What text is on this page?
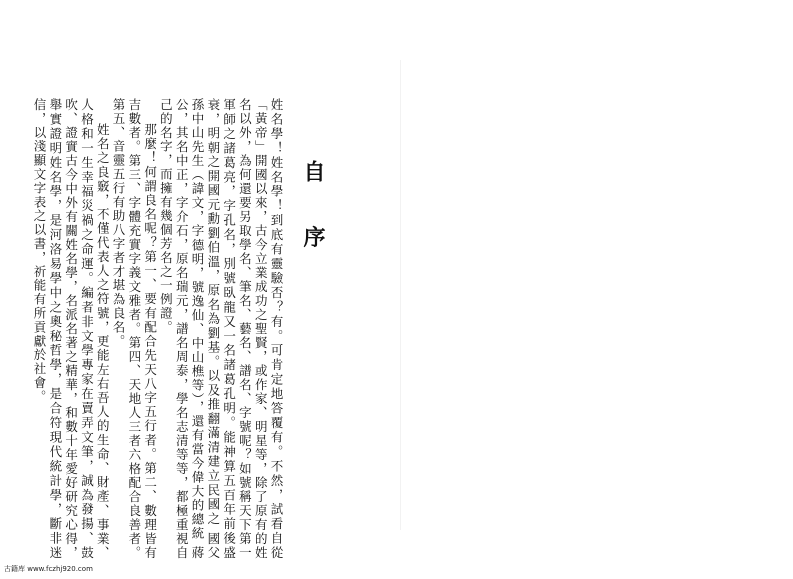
自 序

姓名學！姓名學！到底有靈驗否？有。可肯定地答覆有。不然，試看自從「黃帝」開國以來，古今立業成功之聖賢，或作家、明星等，除了原有的姓名以外，為何還要另取學名、筆名、藝名、譜名、字號呢？如號稱天下第一軍師之諸葛亮，字孔名，別號臥龍又一名諸葛孔明。能神算五百年前後盛衰，明朝之開國元勳劉伯溫，原名為劉基。以及推翻滿清建立民國之 國父孫中山先生（諱文，字德明，號逸仙、中山樵等），還有當今偉大的總統 蔣公，其名中正，字介石，原名瑞元，譜名周泰，學名志清等等，都極重視自己的名字，而擁有幾個芳名之一例證。

那麼！何謂良名呢？第一、要有配合先天八字五行者。第二、數理皆有吉數者。第三、字體充實字義文雅者。第四、天地人三者六格配合良善者。第五、音靈五行有助八字者才堪為良名。

姓名之良竅，不僅代表人之符號，更能左右吾人的生命、財產、事業、人格和一生幸福災禍之命運。編者非文學專家在賣弄文筆，誠為發揚、鼓吹、證實古今中外有關姓名學，名派名著之精華，和數十年愛好研究心得，舉實證明姓名學，是河洛易學中之奧秘哲學，是合符現代統計學，斷非迷信，以淺顯文字表之以書，祈能有所貢獻於社會。

古籍库 www.fczhj920.com
